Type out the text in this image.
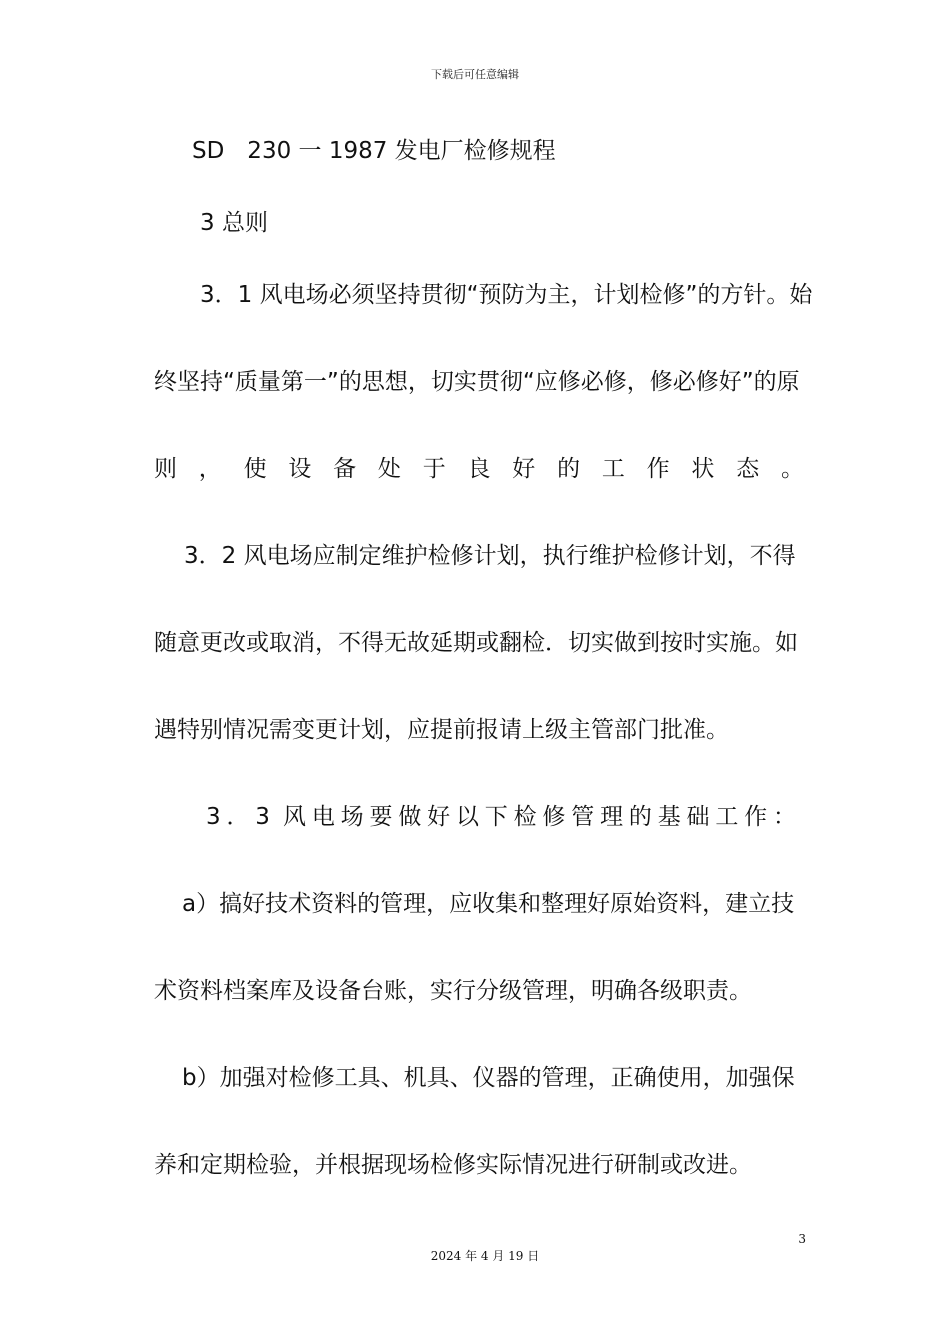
下载后可任意编辑
SD　230 一 1987 发电厂检修规程
3 总则
3．1 风电场必须坚持贯彻“预防为主，计划检修”的方针。始
终坚持“质量第一”的思想，切实贯彻“应修必修，修必修好”的原
则，使设备处于良好的工作状态。
3．2 风电场应制定维护检修计划，执行维护检修计划，不得
随意更改或取消，不得无故延期或翻检．切实做到按时实施。如
遇特别情况需变更计划，应提前报请上级主管部门批准。
3．3 风电场要做好以下检修管理的基础工作：
a）搞好技术资料的管理，应收集和整理好原始资料，建立技
术资料档案库及设备台账，实行分级管理，明确各级职责。
b）加强对检修工具、机具、仪器的管理，正确使用，加强保
养和定期检验，并根据现场检修实际情况进行研制或改进。
3
2024 年 4 月 19 日
